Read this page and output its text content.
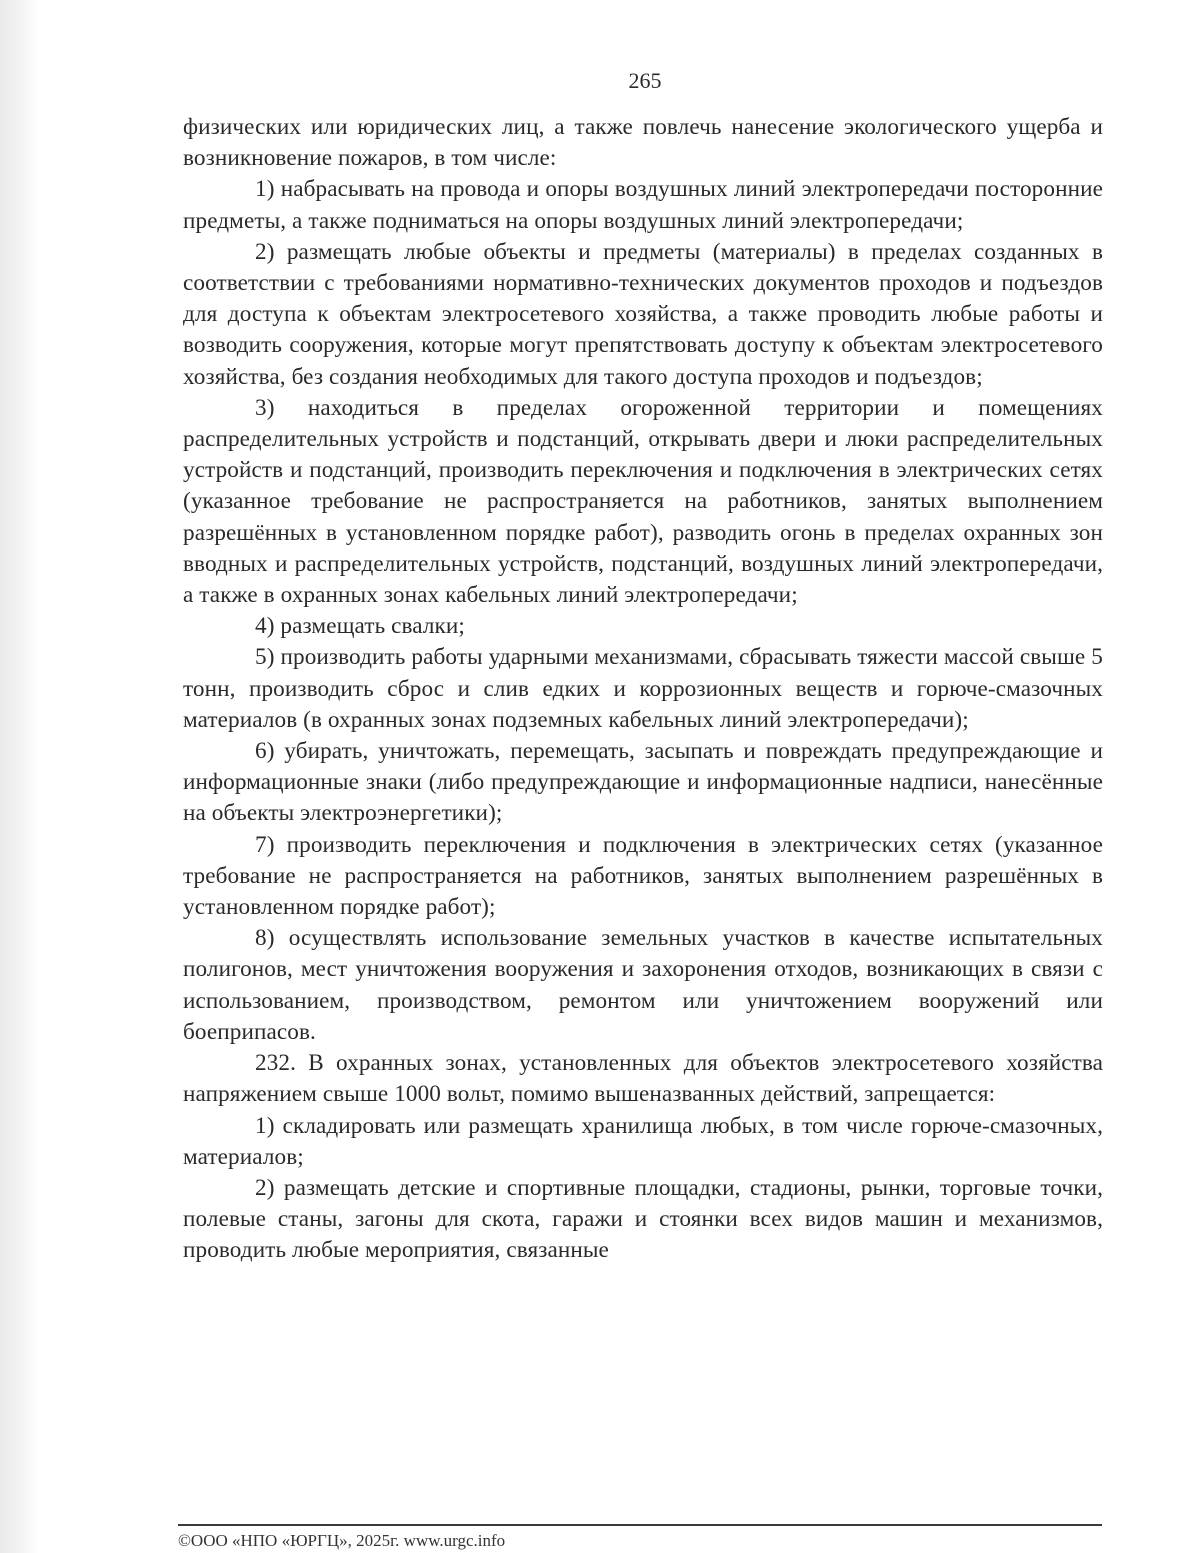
265

физических или юридических лиц, а также повлечь нанесение экологического ущерба и возникновение пожаров, в том числе:

1) набрасывать на провода и опоры воздушных линий электропередачи посторонние предметы, а также подниматься на опоры воздушных линий электропередачи;

2) размещать любые объекты и предметы (материалы) в пределах созданных в соответствии с требованиями нормативно-технических документов проходов и подъездов для доступа к объектам электросетевого хозяйства, а также проводить любые работы и возводить сооружения, которые могут препятствовать доступу к объектам электросетевого хозяйства, без создания необходимых для такого доступа проходов и подъездов;

3) находиться в пределах огороженной территории и помещениях распределительных устройств и подстанций, открывать двери и люки распределительных устройств и подстанций, производить переключения и подключения в электрических сетях (указанное требование не распространяется на работников, занятых выполнением разрешённых в установленном порядке работ), разводить огонь в пределах охранных зон вводных и распределительных устройств, подстанций, воздушных линий электропередачи, а также в охранных зонах кабельных линий электропередачи;

4) размещать свалки;

5) производить работы ударными механизмами, сбрасывать тяжести массой свыше 5 тонн, производить сброс и слив едких и коррозионных веществ и горюче-смазочных материалов (в охранных зонах подземных кабельных линий электропередачи);

6) убирать, уничтожать, перемещать, засыпать и повреждать предупреждающие и информационные знаки (либо предупреждающие и информационные надписи, нанесённые на объекты электроэнергетики);

7) производить переключения и подключения в электрических сетях (указанное требование не распространяется на работников, занятых выполнением разрешённых в установленном порядке работ);

8) осуществлять использование земельных участков в качестве испытательных полигонов, мест уничтожения вооружения и захоронения отходов, возникающих в связи с использованием, производством, ремонтом или уничтожением вооружений или боеприпасов.

232. В охранных зонах, установленных для объектов электросетевого хозяйства напряжением свыше 1000 вольт, помимо вышеназванных действий, запрещается:

1) складировать или размещать хранилища любых, в том числе горюче-смазочных, материалов;

2) размещать детские и спортивные площадки, стадионы, рынки, торговые точки, полевые станы, загоны для скота, гаражи и стоянки всех видов машин и механизмов, проводить любые мероприятия, связанные

©ООО «НПО «ЮРГЦ», 2025г. www.urgc.info
